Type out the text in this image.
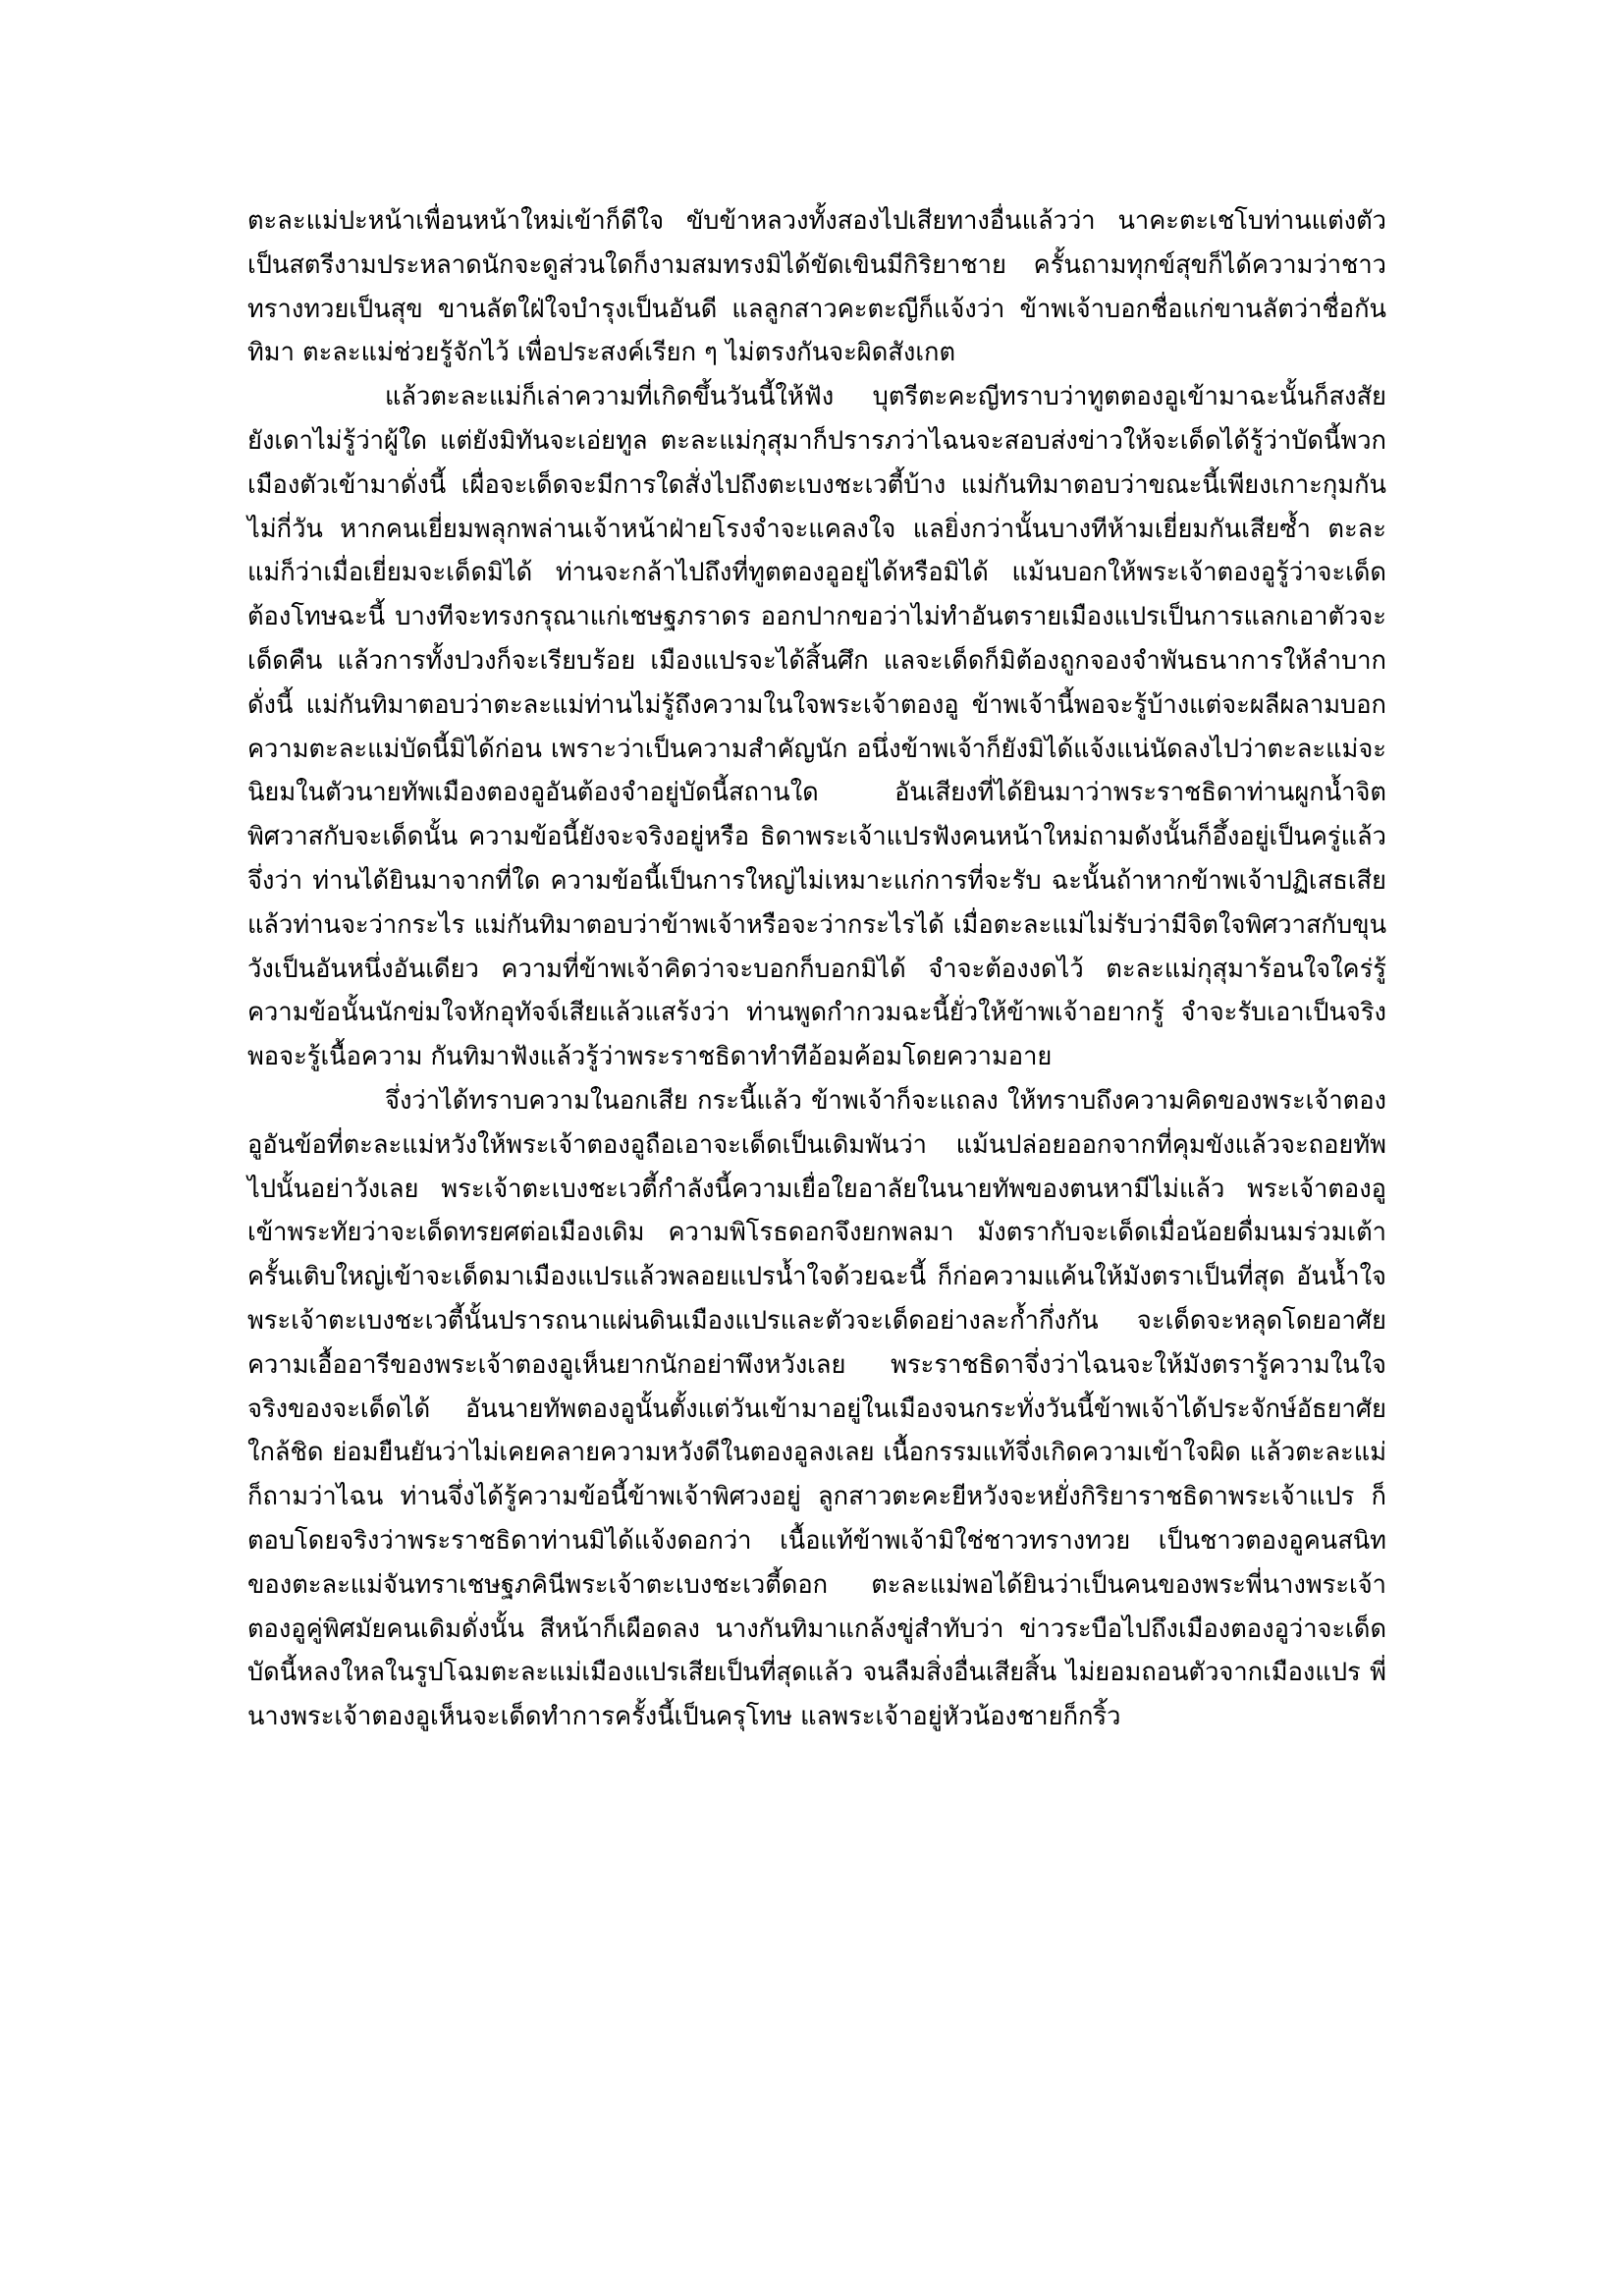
ตะละแม่ปะหน้าเพื่อนหน้าใหม่เข้าก็ดีใจ ขับข้าหลวงทั้งสองไปเสียทางอื่นแล้วว่า นาคะตะเชโบท่านแต่งตัวเป็นสตรีงามประหลาดนักจะดูส่วนใดก็งามสมทรงมิได้ขัดเขินมีกิริยาชาย ครั้นถามทุกข์สุขก็ได้ความว่าชาวทรางทวยเป็นสุข ขานลัตใฝ่ใจบำรุงเป็นอันดี แลลูกสาวคะตะญีก็แจ้งว่า ข้าพเจ้าบอกชื่อแก่ขานลัตว่าชื่อกันทิมา ตะละแม่ช่วยรู้จักไว้ เพื่อประสงค์เรียก ๆ ไม่ตรงกันจะผิดสังเกต

แล้วตะละแม่ก็เล่าความที่เกิดขึ้นวันนี้ให้ฟัง บุตรีตะคะญีทราบว่าทูตตองอูเข้ามาฉะนั้นก็สงสัย ยังเดาไม่รู้ว่าผู้ใด แต่ยังมิทันจะเอ่ยทูล ตะละแม่กุสุมาก็ปรารภว่าไฉนจะสอบส่งข่าวให้จะเด็ดได้รู้ว่าบัดนี้พวกเมืองตัวเข้ามาดั่งนี้ เผื่อจะเด็ดจะมีการใดสั่งไปถึงตะเบงชะเวตี้บ้าง แม่กันทิมาตอบว่าขณะนี้เพียงเกาะกุมกันไม่กี่วัน หากคนเยี่ยมพลุกพล่านเจ้าหน้าฝ่ายโรงจำจะแคลงใจ แลยิ่งกว่านั้นบางทีห้ามเยี่ยมกันเสียซ้ำ ตะละแม่ก็ว่าเมื่อเยี่ยมจะเด็ดมิได้ ท่านจะกล้าไปถึงที่ทูตตองอูอยู่ได้หรือมิได้ แม้นบอกให้พระเจ้าตองอูรู้ว่าจะเด็ดต้องโทษฉะนี้ บางทีจะทรงกรุณาแก่เชษฐภราดร ออกปากขอว่าไม่ทำอันตรายเมืองแปรเป็นการแลกเอาตัวจะเด็ดคืน แล้วการทั้งปวงก็จะเรียบร้อย เมืองแปรจะได้สิ้นศึก แลจะเด็ดก็มิต้องถูกจองจำพันธนาการให้ลำบากดั่งนี้ แม่กันทิมาตอบว่าตะละแม่ท่านไม่รู้ถึงความในใจพระเจ้าตองอู ข้าพเจ้านี้พอจะรู้บ้างแต่จะผลีผลามบอกความตะละแม่บัดนี้มิได้ก่อน เพราะว่าเป็นความสำคัญนัก อนึ่งข้าพเจ้าก็ยังมิได้แจ้งแน่นัดลงไปว่าตะละแม่จะนิยมในตัวนายทัพเมืองตองอูอันต้องจำอยู่บัดนี้สถานใด อันเสียงที่ได้ยินมาว่าพระราชธิดาท่านผูกน้ำจิตพิศวาสกับจะเด็ดนั้น ความข้อนี้ยังจะจริงอยู่หรือ ธิดาพระเจ้าแปรฟังคนหน้าใหม่ถามดังนั้นก็อึ้งอยู่เป็นครู่แล้วจึ่งว่า ท่านได้ยินมาจากที่ใด ความข้อนี้เป็นการใหญ่ไม่เหมาะแก่การที่จะรับ ฉะนั้นถ้าหากข้าพเจ้าปฏิเสธเสียแล้วท่านจะว่ากระไร แม่กันทิมาตอบว่าข้าพเจ้าหรือจะว่ากระไรได้ เมื่อตะละแม่ไม่รับว่ามีจิตใจพิศวาสกับขุนวังเป็นอันหนึ่งอันเดียว ความที่ข้าพเจ้าคิดว่าจะบอกก็บอกมิได้ จำจะต้องงดไว้ ตะละแม่กุสุมาร้อนใจใคร่รู้ความข้อนั้นนักข่มใจหักอุทัจจ์เสียแล้วแสร้งว่า ท่านพูดกำกวมฉะนี้ยั่วให้ข้าพเจ้าอยากรู้ จำจะรับเอาเป็นจริงพอจะรู้เนื้อความ กันทิมาฟังแล้วรู้ว่าพระราชธิดาทำทีอ้อมค้อมโดยความอาย

จึ่งว่าได้ทราบความในอกเสีย กระนี้แล้ว ข้าพเจ้าก็จะแถลง ให้ทราบถึงความคิดของพระเจ้าตองอูอันข้อที่ตะละแม่หวังให้พระเจ้าตองอูถือเอาจะเด็ดเป็นเดิมพันว่า แม้นปล่อยออกจากที่คุมขังแล้วจะถอยทัพไปนั้นอย่าวังเลย พระเจ้าตะเบงชะเวตี้กำลังนี้ความเยื่อใยอาลัยในนายทัพของตนหามีไม่แล้ว พระเจ้าตองอูเข้าพระทัยว่าจะเด็ดทรยศต่อเมืองเดิม ความพิโรธดอกจึงยกพลมา มังตรากับจะเด็ดเมื่อน้อยดื่มนมร่วมเต้า ครั้นเติบใหญ่เข้าจะเด็ดมาเมืองแปรแล้วพลอยแปรน้ำใจด้วยฉะนี้ ก็ก่อความแค้นให้มังตราเป็นที่สุด อันน้ำใจพระเจ้าตะเบงชะเวตี้นั้นปรารถนาแผ่นดินเมืองแปรและตัวจะเด็ดอย่างละก้ำกึ่งกัน จะเด็ดจะหลุดโดยอาศัยความเอื้ออารีของพระเจ้าตองอูเห็นยากนักอย่าพึงหวังเลย พระราชธิดาจึ่งว่าไฉนจะให้มังตรารู้ความในใจจริงของจะเด็ดได้ อันนายทัพตองอูนั้นตั้งแต่วันเข้ามาอยู่ในเมืองจนกระทั่งวันนี้ข้าพเจ้าได้ประจักษ์อัธยาศัยใกล้ชิด ย่อมยืนยันว่าไม่เคยคลายความหวังดีในตองอูลงเลย เนื้อกรรมแท้จึ่งเกิดความเข้าใจผิด แล้วตะละแม่ก็ถามว่าไฉน ท่านจึ่งได้รู้ความข้อนี้ข้าพเจ้าพิศวงอยู่ ลูกสาวตะคะยีหวังจะหยั่งกิริยาราชธิดาพระเจ้าแปร ก็ตอบโดยจริงว่าพระราชธิดาท่านมิได้แจ้งดอกว่า เนื้อแท้ข้าพเจ้ามิใช่ชาวทรางทวย เป็นชาวตองอูคนสนิทของตะละแม่จันทราเชษฐภคินีพระเจ้าตะเบงชะเวตี้ดอก ตะละแม่พอได้ยินว่าเป็นคนของพระพี่นางพระเจ้าตองอูคู่พิศมัยคนเดิมดั่งนั้น สีหน้าก็เผือดลง นางกันทิมาแกล้งขู่สำทับว่า ข่าวระบือไปถึงเมืองตองอูว่าจะเด็ดบัดนี้หลงใหลในรูปโฉมตะละแม่เมืองแปรเสียเป็นที่สุดแล้ว จนลืมสิ่งอื่นเสียสิ้น ไม่ยอมถอนตัวจากเมืองแปร พี่นางพระเจ้าตองอูเห็นจะเด็ดทำการครั้งนี้เป็นครุโทษ แลพระเจ้าอยู่หัวน้องชายก็กริ้ว
